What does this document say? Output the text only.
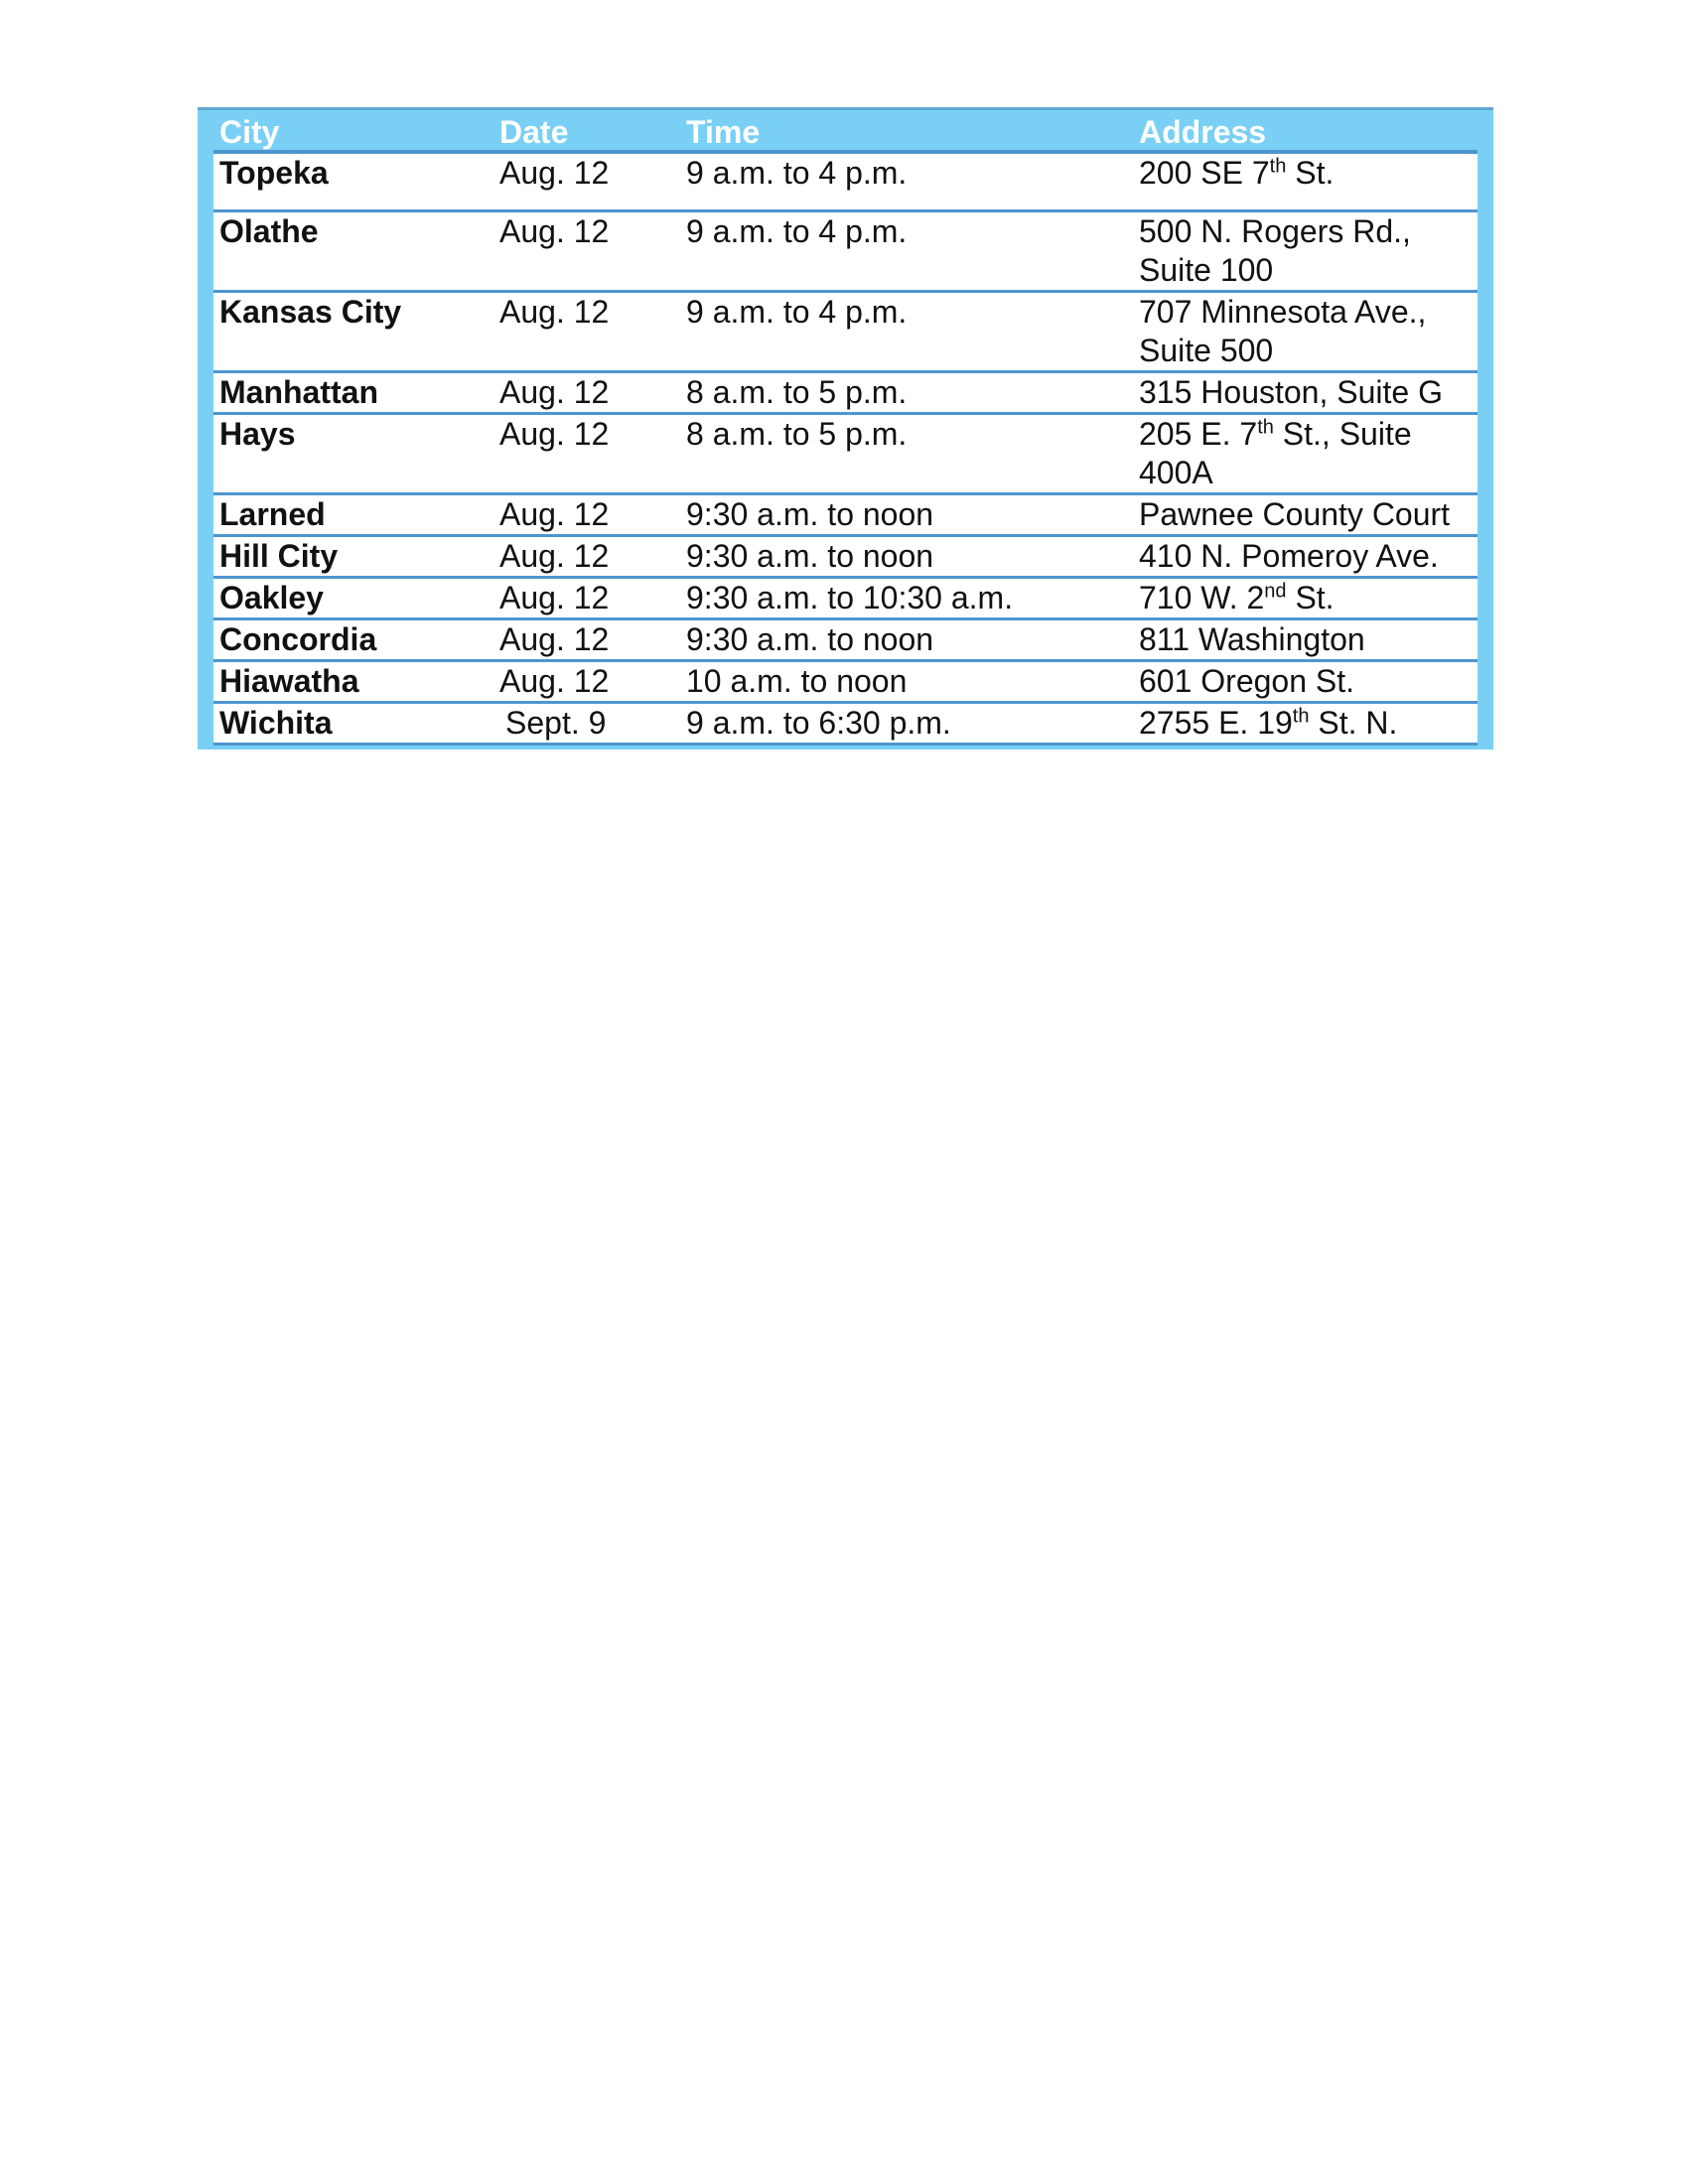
City	Date	Time	Address
Topeka	Aug. 12	9 a.m. to 4 p.m.	200 SE 7th St.
Olathe	Aug. 12	9 a.m. to 4 p.m.	500 N. Rogers Rd., Suite 100
Kansas City	Aug. 12	9 a.m. to 4 p.m.	707 Minnesota Ave., Suite 500
Manhattan	Aug. 12	8 a.m. to 5 p.m.	315 Houston, Suite G
Hays	Aug. 12	8 a.m. to 5 p.m.	205 E. 7th St., Suite 400A
Larned	Aug. 12	9:30 a.m. to noon	Pawnee County Court
Hill City	Aug. 12	9:30 a.m. to noon	410 N. Pomeroy Ave.
Oakley	Aug. 12	9:30 a.m. to 10:30 a.m.	710 W. 2nd St.
Concordia	Aug. 12	9:30 a.m. to noon	811 Washington
Hiawatha	Aug. 12	10 a.m. to noon	601 Oregon St.
Wichita	Sept. 9	9 a.m. to 6:30 p.m.	2755 E. 19th St. N.
